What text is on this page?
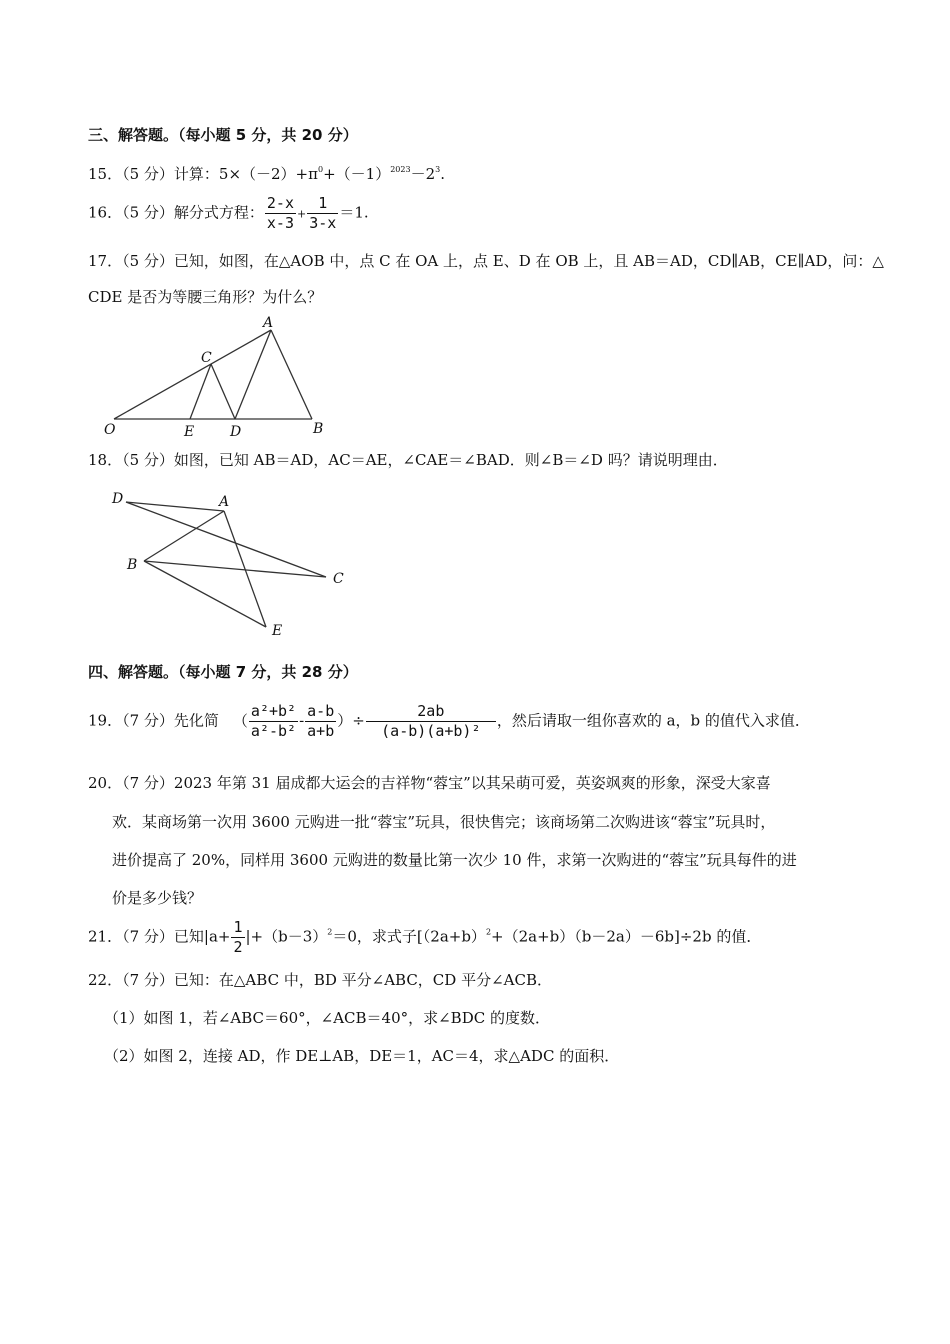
三、解答题。（每小题 5 分，共 20 分）
15．（5 分）计算：$5\times(-2)+\pi^0+(-1)^{2023}-2^3$.
16．（5 分）解分式方程： $\frac{2-x}{x-3} + \frac{1}{3-x} =1$.
17．（5 分）已知，如图，在△AOB 中，点 C 在 OA 上，点 E、D 在 OB 上，且 AB＝AD，CD∥AB，CE∥AD，问：△
CDE 是否为等腰三角形？为什么？
A
C
O	E	D	B
18．（5 分）如图，已知 AB＝AD，AC＝AE，∠CAE＝∠BAD．则∠B＝∠D 吗？请说明理由．
D	A
B
C
E
四、解答题。（每小题 7 分，共 28 分）
19．（7 分）先化简 （ $\frac{\text{a²+b²}}{\text{a²-b²}} - \frac{a-b}{a+b}$ ）÷ $\frac{2ab}{\text{(a-b)(a+b)²}}$ ，然后请取一组你喜欢的 a，b 的值代入求值．
20．（7 分）2023 年第 31 届成都大运会的吉祥物“蓉宝”以其呆萌可爱，英姿飒爽的形象，深受大家喜
欢．某商场第一次用 3600 元购进一批“蓉宝”玩具，很快售完；该商场第二次购进该“蓉宝”玩具时，
进价提高了 20%，同样用 3600 元购进的数量比第一次少 10 件，求第一次购进的“蓉宝”玩具每件的进
价是多少钱？
21．（7 分）已知$|a+ \frac{1}{2} |+(b-3)^2=0$，求式子$[(2a+b)^2+(2a+b)(b-2a)-6b]\div 2b$ 的值．
22．（7 分）已知：在△ABC 中，BD 平分∠ABC，CD 平分∠ACB．
（1）如图 1，若∠ABC＝60°，∠ACB＝40°，求∠BDC 的度数．
（2）如图 2，连接 AD，作 DE⊥AB，DE＝1，AC＝4，求△ADC 的面积．
